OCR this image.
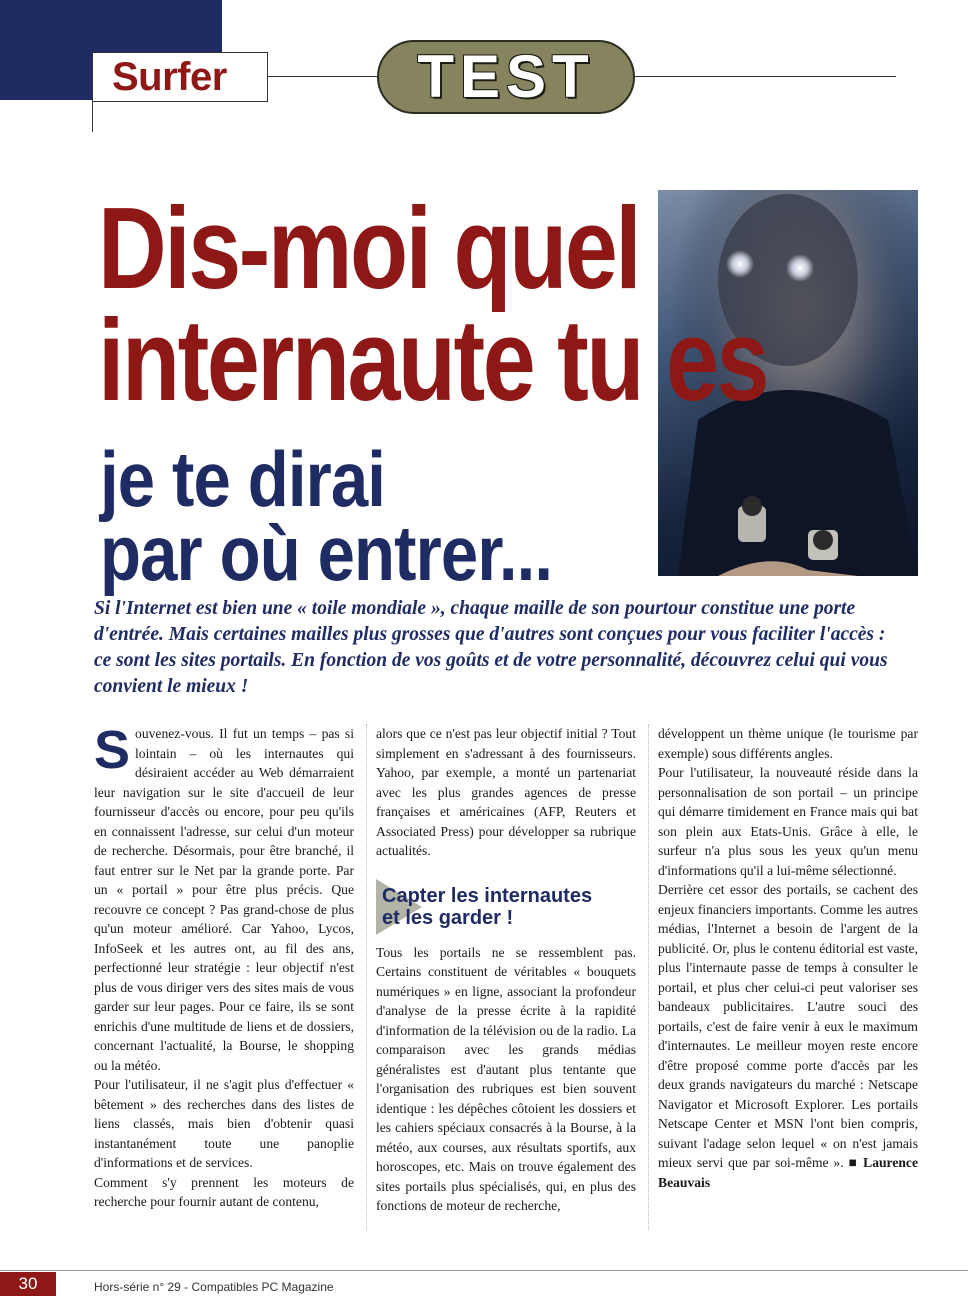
Surfer	TEST
Dis-moi quel
internaute tu es
je te dirai
par où entrer...
Si l'Internet est bien une « toile mondiale », chaque maille de son pourtour constitue une porte d'entrée. Mais certaines mailles plus grosses que d'autres sont conçues pour vous faciliter l'accès : ce sont les sites portails. En fonction de vos goûts et de votre personnalité, découvrez celui qui vous convient le mieux !

Souvenez-vous. Il fut un temps – pas si lointain – où les internautes qui désiraient accéder au Web démarraient leur navigation sur le site d'accueil de leur fournisseur d'accès ou encore, pour peu qu'ils en connaissent l'adresse, sur celui d'un moteur de recherche. Désormais, pour être branché, il faut entrer sur le Net par la grande porte. Par un « portail » pour être plus précis. Que recouvre ce concept ? Pas grand-chose de plus qu'un moteur amélioré. Car Yahoo, Lycos, InfoSeek et les autres ont, au fil des ans, perfectionné leur stratégie : leur objectif n'est plus de vous diriger vers des sites mais de vous garder sur leur pages. Pour ce faire, ils se sont enrichis d'une multitude de liens et de dossiers, concernant l'actualité, la Bourse, le shopping ou la météo.

Pour l'utilisateur, il ne s'agit plus d'effectuer « bêtement » des recherches dans des listes de liens classés, mais bien d'obtenir quasi instantanément toute une panoplie d'informations et de services.

Comment s'y prennent les moteurs de recherche pour fournir autant de contenu,

alors que ce n'est pas leur objectif initial ? Tout simplement en s'adressant à des fournisseurs. Yahoo, par exemple, a monté un partenariat avec les plus grandes agences de presse françaises et américaines (AFP, Reuters et Associated Press) pour développer sa rubrique actualités.

Capter les internautes
et les garder !

Tous les portails ne se ressemblent pas. Certains constituent de véritables « bouquets numériques » en ligne, associant la profondeur d'analyse de la presse écrite à la rapidité d'information de la télévision ou de la radio. La comparaison avec les grands médias généralistes est d'autant plus tentante que l'organisation des rubriques est bien souvent identique : les dépêches côtoient les dossiers et les cahiers spéciaux consacrés à la Bourse, à la météo, aux courses, aux résultats sportifs, aux horoscopes, etc. Mais on trouve également des sites portails plus spécialisés, qui, en plus des fonctions de moteur de recherche,

développent un thème unique (le tourisme par exemple) sous différents angles.

Pour l'utilisateur, la nouveauté réside dans la personnalisation de son portail – un principe qui démarre timidement en France mais qui bat son plein aux Etats-Unis. Grâce à elle, le surfeur n'a plus sous les yeux qu'un menu d'informations qu'il a lui-même sélectionné.

Derrière cet essor des portails, se cachent des enjeux financiers importants. Comme les autres médias, l'Internet a besoin de l'argent de la publicité. Or, plus le contenu éditorial est vaste, plus l'internaute passe de temps à consulter le portail, et plus cher celui-ci peut valoriser ses bandeaux publicitaires. L'autre souci des portails, c'est de faire venir à eux le maximum d'internautes. Le meilleur moyen reste encore d'être proposé comme porte d'accès par les deux grands navigateurs du marché : Netscape Navigator et Microsoft Explorer. Les portails Netscape Center et MSN l'ont bien compris, suivant l'adage selon lequel « on n'est jamais mieux servi que par soi-même ». ■ Laurence Beauvais

30	Hors-série n° 29 - Compatibles PC Magazine
